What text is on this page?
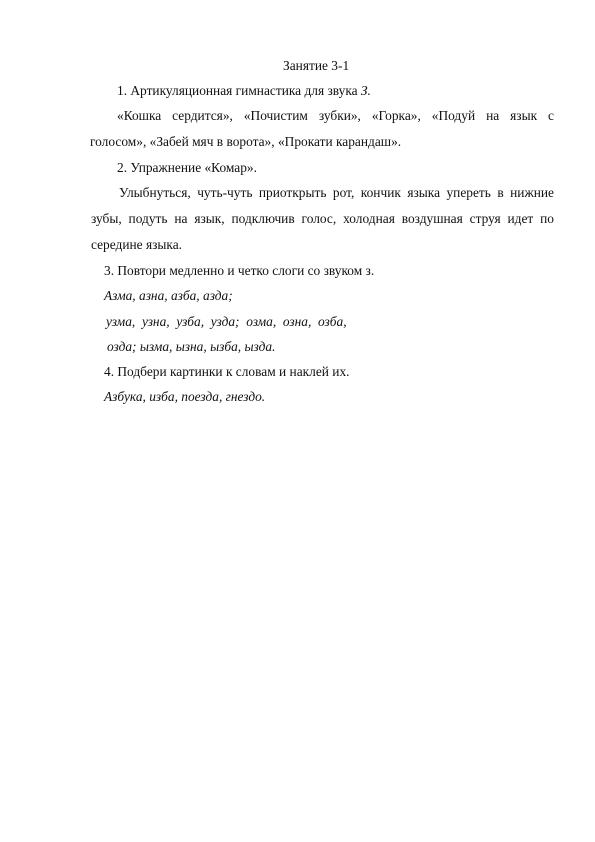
Занятие 3-1
1. Артикуляционная гимнастика для звука З.
«Кошка сердится», «Почистим зубки», «Горка», «Подуй на язык с
голосом», «Забей мяч в ворота», «Прокати карандаш».
2. Упражнение «Комар».
Улыбнуться, чуть-чуть приоткрыть рот, кончик языка упереть в нижние
зубы, подуть на язык, подключив голос, холодная воздушная струя идет по
середине языка.
3. Повтори медленно и четко слоги со звуком з.
Азма, азна, азба, азда;
узма,  узна,  узба,  узда;  озма,  озна,  озба,
озда; ызма, ызна, ызба, ызда.
4. Подбери картинки к словам и наклей их.
Азбука, изба, поезда, гнездо.
